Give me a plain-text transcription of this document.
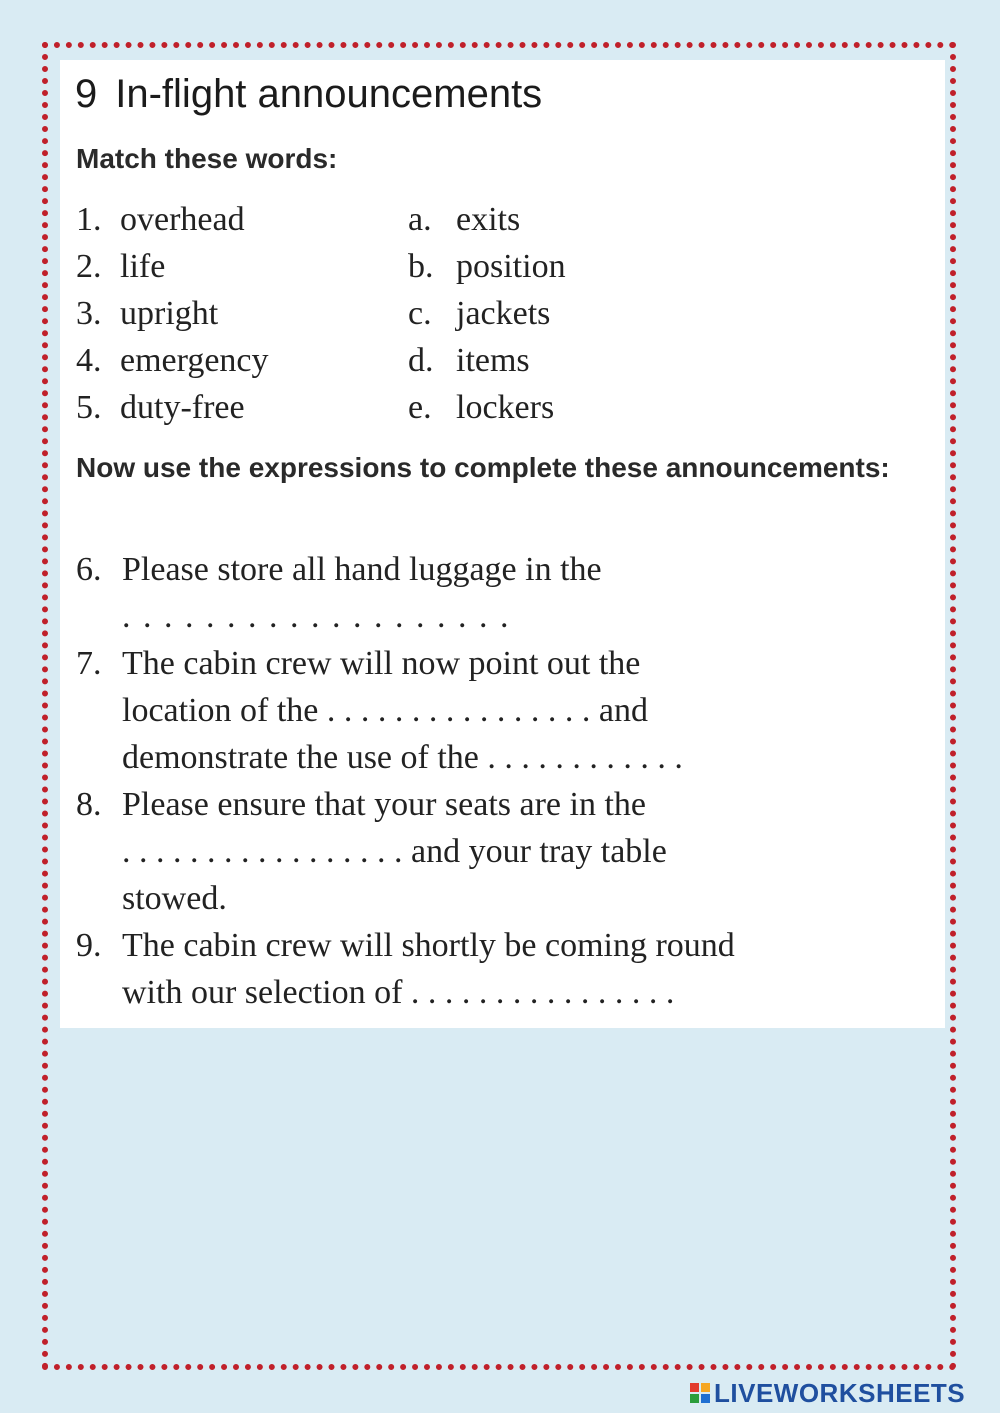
9 In-flight announcements

Match these words:

1. overhead
2. life
3. upright
4. emergency
5. duty-free
a. exits
b. position
c. jackets
d. items
e. lockers

Now use the expressions to complete these announcements:

6. Please store all hand luggage in the
. . . . . . . . . . . . . . . . . . .
7. The cabin crew will now point out the
location of the . . . . . . . . . . . . . . . . and
demonstrate the use of the . . . . . . . . . . . .
8. Please ensure that your seats are in the
. . . . . . . . . . . . . . . . . and your tray table
stowed.
9. The cabin crew will shortly be coming round
with our selection of . . . . . . . . . . . . . . . .
LIVEWORKSHEETS
